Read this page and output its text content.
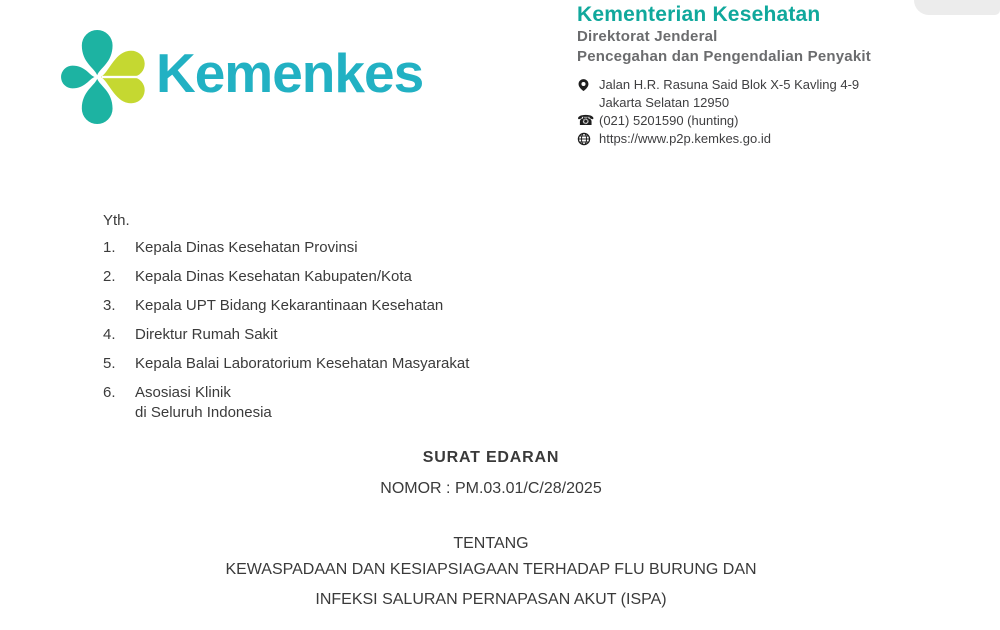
Kemenkes
Kementerian Kesehatan
Direktorat Jenderal
Pencegahan dan Pengendalian Penyakit
Jalan H.R. Rasuna Said Blok X-5 Kavling 4-9
Jakarta Selatan 12950
☎ (021) 5201590 (hunting)
https://www.p2p.kemkes.go.id
Yth.
1.	Kepala Dinas Kesehatan Provinsi
2.	Kepala Dinas Kesehatan Kabupaten/Kota
3.	Kepala UPT Bidang Kekarantinaan Kesehatan
4.	Direktur Rumah Sakit
5.	Kepala Balai Laboratorium Kesehatan Masyarakat
6.	Asosiasi Klinik
di Seluruh Indonesia
SURAT EDARAN
NOMOR : PM.03.01/C/28/2025
TENTANG
KEWASPADAAN DAN KESIAPSIAGAAN TERHADAP FLU BURUNG DAN
INFEKSI SALURAN PERNAPASAN AKUT (ISPA)
